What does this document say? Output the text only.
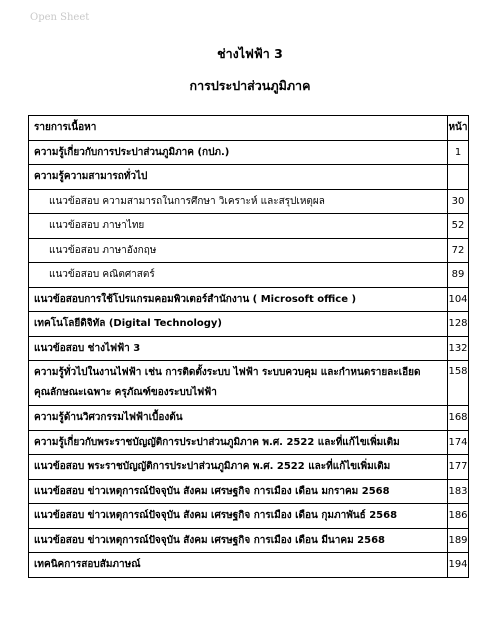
Open Sheet
ช่างไฟฟ้า 3
การประปาส่วนภูมิภาค
รายการเนื้อหา	หน้า
ความรู้เกี่ยวกับการประปาส่วนภูมิภาค (กปภ.)	1
ความรู้ความสามารถทั่วไป	
แนวข้อสอบ ความสามารถในการศึกษา วิเคราะห์ และสรุปเหตุผล	30
แนวข้อสอบ ภาษาไทย	52
แนวข้อสอบ ภาษาอังกฤษ	72
แนวข้อสอบ คณิตศาสตร์	89
แนวข้อสอบการใช้โปรแกรมคอมพิวเตอร์สำนักงาน ( Microsoft office )	104
เทคโนโลยีดิจิทัล (Digital Technology)	128
แนวข้อสอบ ช่างไฟฟ้า 3	132

ความรู้ทั่วไปในงานไฟฟ้า เช่น การติดตั้งระบบ ไฟฟ้า ระบบควบคุม และกำหนดรายละเอียด
คุณลักษณะเฉพาะ ครุภัณฑ์ของระบบไฟฟ้า	158
ความรู้ด้านวิศวกรรมไฟฟ้าเบื้องต้น	168
ความรู้เกี่ยวกับพระราชบัญญัติการประปาส่วนภูมิภาค พ.ศ. 2522 และที่แก้ไขเพิ่มเติม	174
แนวข้อสอบ พระราชบัญญัติการประปาส่วนภูมิภาค พ.ศ. 2522 และที่แก้ไขเพิ่มเติม	177
แนวข้อสอบ ข่าวเหตุการณ์ปัจจุบัน สังคม เศรษฐกิจ การเมือง เดือน มกราคม 2568	183
แนวข้อสอบ ข่าวเหตุการณ์ปัจจุบัน สังคม เศรษฐกิจ การเมือง เดือน กุมภาพันธ์ 2568	186
แนวข้อสอบ ข่าวเหตุการณ์ปัจจุบัน สังคม เศรษฐกิจ การเมือง เดือน มีนาคม 2568	189
เทคนิคการสอบสัมภาษณ์	194
